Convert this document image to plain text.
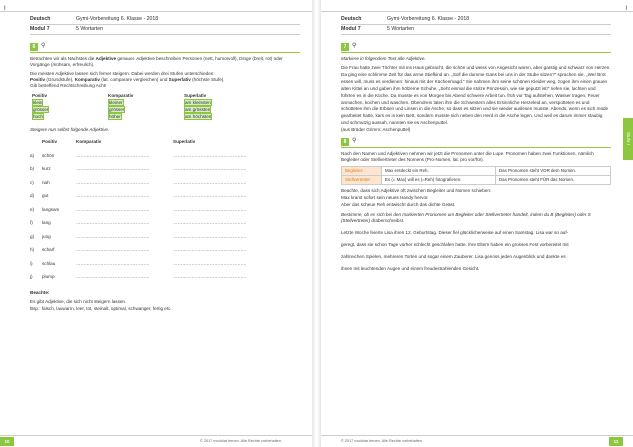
I
Deutsch	Gymi-Vorbereitung 6. Klasse - 2018
Modul 7	5 Wortarten
6 ⚲

Betrachten wir als Nächstes die Adjektive genauer. Adjektive beschreiben Personen (nett, humorvoll), Dinge (breit, rot) oder Vorgänge (mühsam, erfreulich).

Die meisten Adjektive lassen sich ferner steigern. Dabei werden drei Stufen unterschieden:
Positiv (Grundstufe), Komparativ (lat. comparare vergleichen) und Superlativ (höchste Stufe).
Gib betreffend Rechtschreibung Acht!

Positiv	Komparativ	Superlativ
klein	kleiner	am kleinsten
grösser	grösser	am grössten
hoch	höher	am höchsten

Steigere nun selbst folgende Adjektive.

	Positiv	Komparativ	Superlativ
a)	schön	…………………………………………	…………………………………………
b)	kurz	…………………………………………	…………………………………………
c)	nah	…………………………………………	…………………………………………
d)	gut	…………………………………………	…………………………………………
e)	langsam	…………………………………………	…………………………………………
f)	lang	…………………………………………	…………………………………………
g)	jung	…………………………………………	…………………………………………
h)	scharf	…………………………………………	…………………………………………
i)	schlau	…………………………………………	…………………………………………
j)	plump	…………………………………………	…………………………………………

Beachte:

Es gibt Adjektive, die sich nicht steigern lassen.

Bsp.: falsch, lauwarm, leer, tot, steinalt, optimal, schwanger, fertig etc.

10	© 2017 modular lernen. Alle Rechte vorbehalten.
I
Stufe I
Deutsch	Gymi-Vorbereitung 6. Klasse - 2018
Modul 7	5 Wortarten
7 ⚲

Markiere in folgendem Text alle Adjektive.

Die Frau hatte zwei Töchter mit ins Haus gebracht, die schön und weiss von Angesicht waren, aber garstig und schwarz von Herzen. Da ging eine schlimme Zeit für das arme Stiefkind an. „Soll die dumme Gans bei uns in der Stube sitzen?“ sprachen sie. „Wer Brot essen will, muss es verdienen: hinaus mit der Küchenmagd.“ Sie nahmen ihm seine schönen Kleider weg, zogen ihm einen grauen alten Kittel an und gaben ihm hölzerne Schuhe. „Seht einmal die stolze Prinzessin, wie sie geputzt ist!“ riefen sie, lachten und führten es in die Küche. Da musste es von Morgen bis Abend schwere Arbeit tun, früh vor Tag aufstehen, Wasser tragen, Feuer anmachen, kochen und waschen. Obendrein taten ihm die Schwestern alles Ersinnliche Herzeleid an, verspotteten es und schütteten ihm die Erbsen und Linsen in die Asche, so dass es sitzen und sie wieder auslesen musste. Abends, wenn es sich müde gearbeitet hatte, kam es in kein Bett, sondern musste sich neben den Herd in die Asche legen. Und weil es darum immer staubig und schmutzig aussah, nannten sie es Aschenputtel.

(aus Brüder Grimm: Aschenputtel)

8 ⚲

Nach den Namen und Adjektiven nehmen wir jetzt die Pronomen unter die Lupe. Pronomen haben zwei Funktionen, nämlich Begleiter oder Stellvertreter des Nomens (Pro-Nomen, lat. pro vor/für).

Begleiter:	Max entdeckt ein Reh.	Das Pronomen steht VOR dem Nomen.
Stellvertreter:	Es (= Max) will es (=Reh) fotografieren.	Das Pronomen steht FÜR das Nomen.

Beachte, dass sich Adjektive oft zwischen Begleiter und Nomen schieben:

Max kramt sofort sein neues Handy hervor.

Aber das scheue Reh entwischt durch das dichte Geäst.

Bestimme, ob es sich bei den markierten Pronomen um Begleiter oder Stellvertreter handelt, indem du B (Begleiter) oder S (Stellvertreter) drüberschreibst.

Letzte Woche feierte Lisa ihren 12. Geburtstag. Dieser fiel glücklicherweise auf einen Samstag. Lisa war so auf-
geregt, dass sie schon Tage vorher schlecht geschlafen hatte. Ihre Eltern haben ein grosses Fest vorbereitet mit
zahlreichen Spielen, mehreren Torten und sogar einem Zauberer. Lisa genoss jeden Augenblick und dankte es
ihnen mit leuchtenden Augen und einem freudestrahlenden Gesicht.
© 2017 modular lernen. Alle Rechte vorbehalten.	11
